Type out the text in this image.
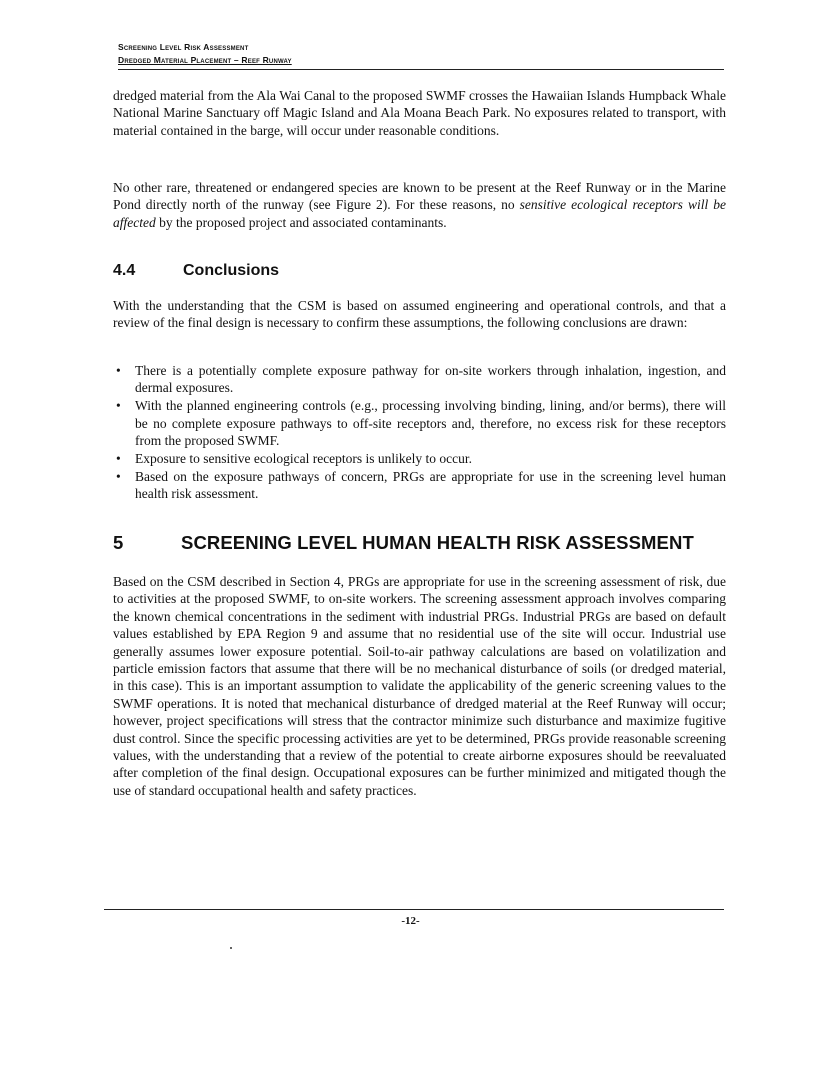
Screening Level Risk Assessment
Dredged Material Placement – Reef Runway

dredged material from the Ala Wai Canal to the proposed SWMF crosses the Hawaiian Islands Humpback Whale National Marine Sanctuary off Magic Island and Ala Moana Beach Park. No exposures related to transport, with material contained in the barge, will occur under reasonable conditions.

No other rare, threatened or endangered species are known to be present at the Reef Runway or in the Marine Pond directly north of the runway (see Figure 2). For these reasons, no sensitive ecological receptors will be affected by the proposed project and associated contaminants.

4.4	Conclusions

With the understanding that the CSM is based on assumed engineering and operational controls, and that a review of the final design is necessary to confirm these assumptions, the following conclusions are drawn:

• There is a potentially complete exposure pathway for on-site workers through inhalation, ingestion, and dermal exposures.
• With the planned engineering controls (e.g., processing involving binding, lining, and/or berms), there will be no complete exposure pathways to off-site receptors and, therefore, no excess risk for these receptors from the proposed SWMF.
• Exposure to sensitive ecological receptors is unlikely to occur.
• Based on the exposure pathways of concern, PRGs are appropriate for use in the screening level human health risk assessment.
5	SCREENING LEVEL HUMAN HEALTH RISK ASSESSMENT

Based on the CSM described in Section 4, PRGs are appropriate for use in the screening assessment of risk, due to activities at the proposed SWMF, to on-site workers. The screening assessment approach involves comparing the known chemical concentrations in the sediment with industrial PRGs. Industrial PRGs are based on default values established by EPA Region 9 and assume that no residential use of the site will occur. Industrial use generally assumes lower exposure potential. Soil-to-air pathway calculations are based on volatilization and particle emission factors that assume that there will be no mechanical disturbance of soils (or dredged material, in this case). This is an important assumption to validate the applicability of the generic screening values to the SWMF operations. It is noted that mechanical disturbance of dredged material at the Reef Runway will occur; however, project specifications will stress that the contractor minimize such disturbance and maximize fugitive dust control. Since the specific processing activities are yet to be determined, PRGs provide reasonable screening values, with the understanding that a review of the potential to create airborne exposures should be reevaluated after completion of the final design. Occupational exposures can be further minimized and mitigated though the use of standard occupational health and safety practices.

-12-
